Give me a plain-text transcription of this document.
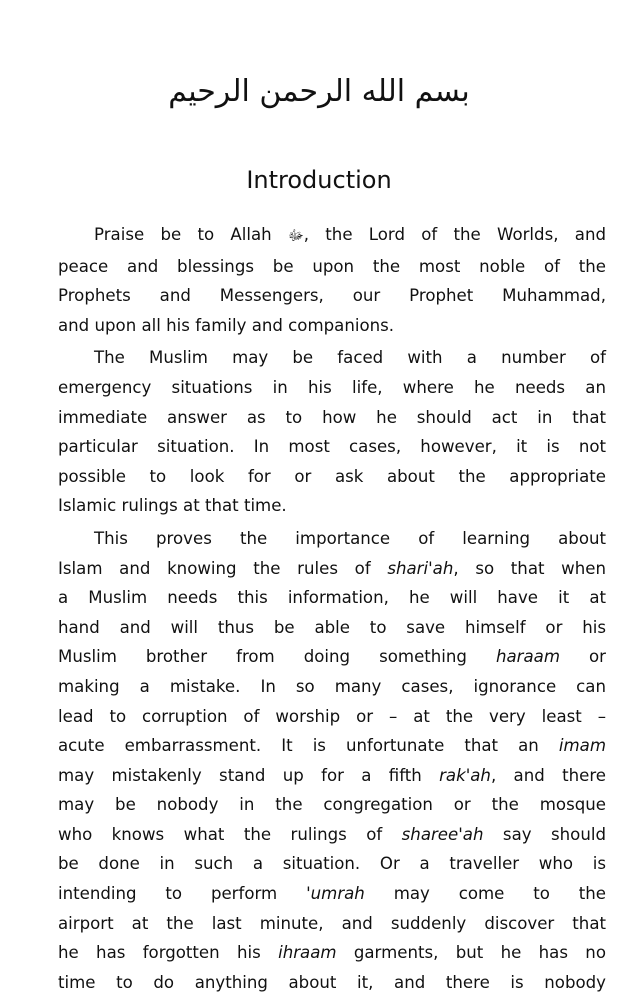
بسم الله الرحمن الرحيم
Introduction

Praise be to Allah ﷻ, the Lord of the Worlds, and
peace and blessings be upon the most noble of the
Prophets and Messengers, our Prophet Muhammad,
and upon all his family and companions.

The Muslim may be faced with a number of
emergency situations in his life, where he needs an
immediate answer as to how he should act in that
particular situation. In most cases, however, it is not
possible to look for or ask about the appropriate
Islamic rulings at that time.

This proves the importance of learning about
Islam and knowing the rules of shari'ah, so that when
a Muslim needs this information, he will have it at
hand and will thus be able to save himself or his
Muslim brother from doing something haraam or
making a mistake. In so many cases, ignorance can
lead to corruption of worship or – at the very least –
acute embarrassment. It is unfortunate that an imam
may mistakenly stand up for a fifth rak'ah, and there
may be nobody in the congregation or the mosque
who knows what the rulings of sharee'ah say should
be done in such a situation. Or a traveller who is
intending to perform 'umrah may come to the
airport at the last minute, and suddenly discover that
he has forgotten his ihraam garments, but he has no
time to do anything about it, and there is nobody
